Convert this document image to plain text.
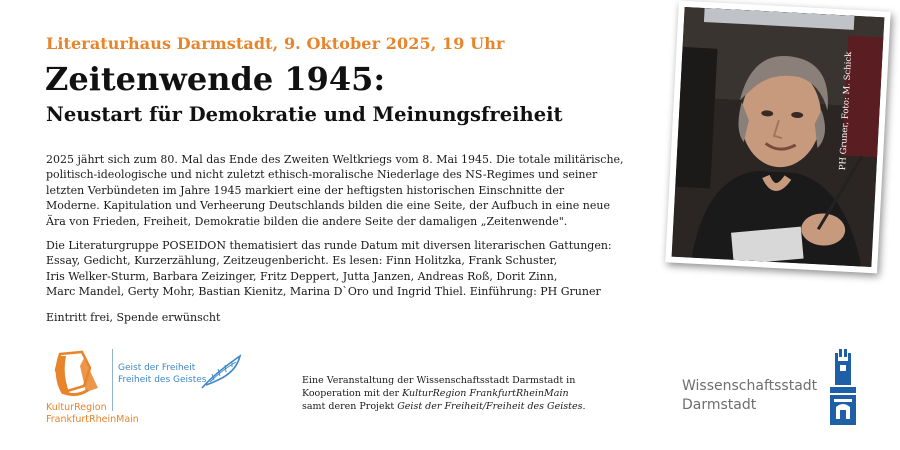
Literaturhaus Darmstadt, 9. Oktober 2025, 19 Uhr
Zeitenwende 1945:
Neustart für Demokratie und Meinungsfreiheit
2025 jährt sich zum 80. Mal das Ende des Zweiten Weltkriegs vom 8. Mai 1945. Die totale militärische,
politisch-ideologische und nicht zuletzt ethisch-moralische Niederlage des NS-Regimes und seiner
letzten Verbündeten im Jahre 1945 markiert eine der heftigsten historischen Einschnitte der
Moderne. Kapitulation und Verheerung Deutschlands bilden die eine Seite, der Aufbuch in eine neue
Ära von Frieden, Freiheit, Demokratie bilden die andere Seite der damaligen „Zeitenwende".
Die Literaturgruppe POSEIDON thematisiert das runde Datum mit diversen literarischen Gattungen:
Essay, Gedicht, Kurzerzählung, Zeitzeugenbericht. Es lesen: Finn Holitzka, Frank Schuster,
Iris Welker-Sturm, Barbara Zeizinger, Fritz Deppert, Jutta Janzen, Andreas Roß, Dorit Zinn,
Marc Mandel, Gerty Mohr, Bastian Kienitz, Marina D`Oro und Ingrid Thiel. Einführung: PH Gruner
Eintritt frei, Spende erwünscht
PH Gruner, Foto: M. Schick
KulturRegion
FrankfurtRheinMain
Geist der Freiheit
Freiheit des Geistes	Eine Veranstaltung der Wissenschaftsstadt Darmstadt in
Kooperation mit der KulturRegion FrankfurtRheinMain
samt deren Projekt Geist der Freiheit/Freiheit des Geistes.
Wissenschaftsstadt
Darmstadt
